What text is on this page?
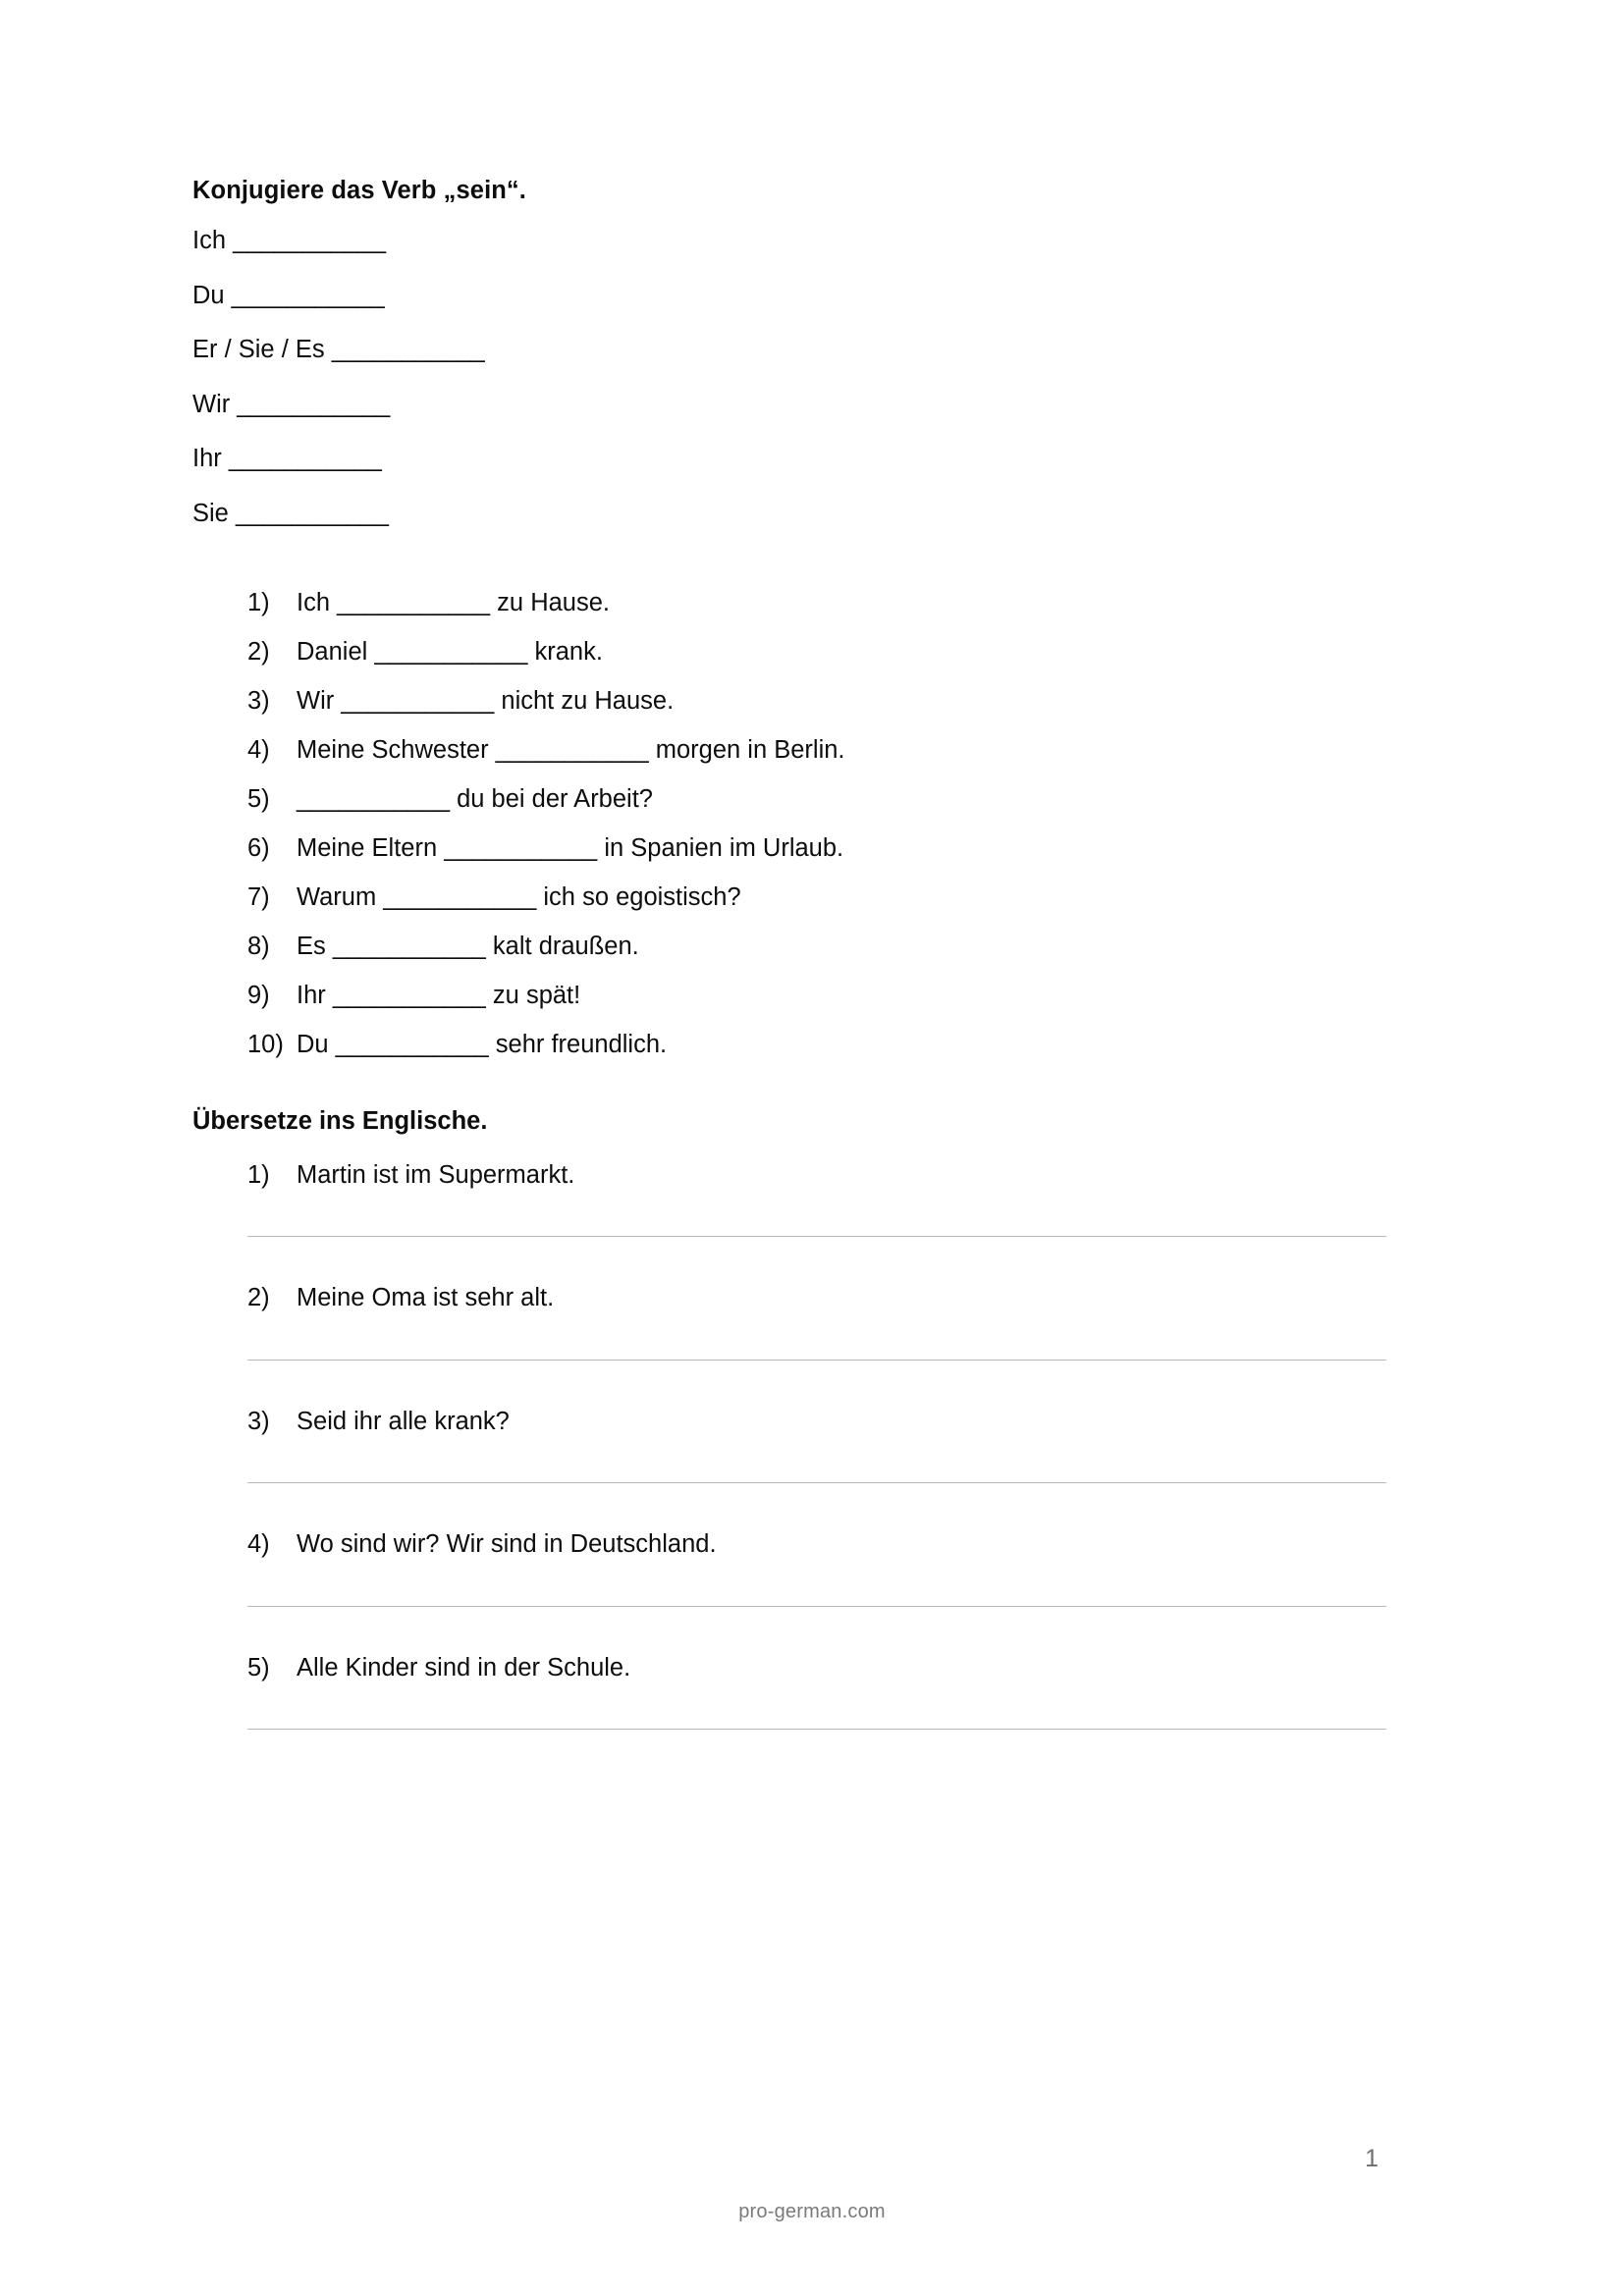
Konjugiere das Verb „sein“.
Ich ___________
Du ___________
Er / Sie / Es ___________
Wir ___________
Ihr ___________
Sie ___________
1)	Ich ___________ zu Hause.
2)	Daniel ___________ krank.
3)	Wir ___________ nicht zu Hause.
4)	Meine Schwester ___________ morgen in Berlin.
5)	___________ du bei der Arbeit?
6)	Meine Eltern ___________ in Spanien im Urlaub.
7)	Warum ___________ ich so egoistisch?
8)	Es ___________ kalt draußen.
9)	Ihr ___________ zu spät!
10) Du ___________ sehr freundlich.
Übersetze ins Englische.
1)	Martin ist im Supermarkt.
2)	Meine Oma ist sehr alt.
3)	Seid ihr alle krank?
4)	Wo sind wir? Wir sind in Deutschland.
5)	Alle Kinder sind in der Schule.
1
pro-german.com
